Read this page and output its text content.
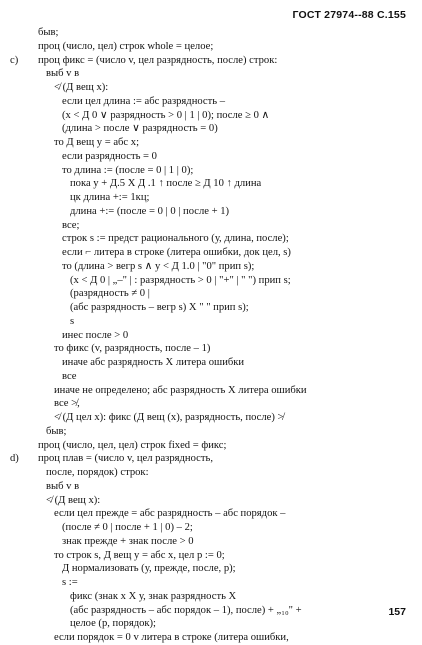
ГОСТ 27974--88 С.155
быв;
проц (число, цел) строк whole = целое;
c) проц фикс = (число v, цел разрядность, после) строк:
выб v в
≮ (Д вещ х):
если цел длина := абс разрядность –
(x < Д 0 ∨ разрядность > 0 | 1 | 0); после ≥ 0 ∧
(длина > после ∨ разрядность = 0)
то Д вещ у = абс х;
если разрядность = 0
то длина := (после = 0 | 1 | 0);
пока у + Д.5 X Д .1 ↑ после ≥ Д 10 ↑ длина
цк длина +:= 1кц;
длина +:= (после = 0 | 0 | после + 1)
все;
строк s := предст рационального (у, длина, после);
если ⌐ литера в строке (литера ошибки, док цел, s)
то (длина > вегр s ∧ у < Д 1.0 | "0" прип s);
(x < Д 0 | „–" | : разрядность > 0 | "+" | " ") прип s;
(разрядность ≠ 0 |
(абс разрядность – вегр s) X " " прип s);
s
инес после > 0
то фикс (v, разрядность, после – 1)
иначе абс разрядность X литера ошибки
все
иначе не определено; абс разрядность X литера ошибки
все ≯,
≮ (Д цел х): фикс (Д вещ (х), разрядность, после) ≯
быв;
проц (число, цел, цел) строк fixed = фикс;
d) проц плав = (число v, цел разрядность,
после, порядок) строк:
выб v в
≮ (Д вещ х):
если цел прежде = абс разрядность – абс порядок –
(после ≠ 0 | после + 1 | 0) – 2;
знак прежде + знак после > 0
то строк s, Д вещ у = абс х, цел р := 0;
Д нормализовать (у, прежде, после, р);
s :=
фикс (знак х X у, знак разрядность X
(абс разрядность – абс порядок – 1), после) + „₁₀" +
целое (р, порядок);
если порядок = 0 v литера в строке (литера ошибки,
157
